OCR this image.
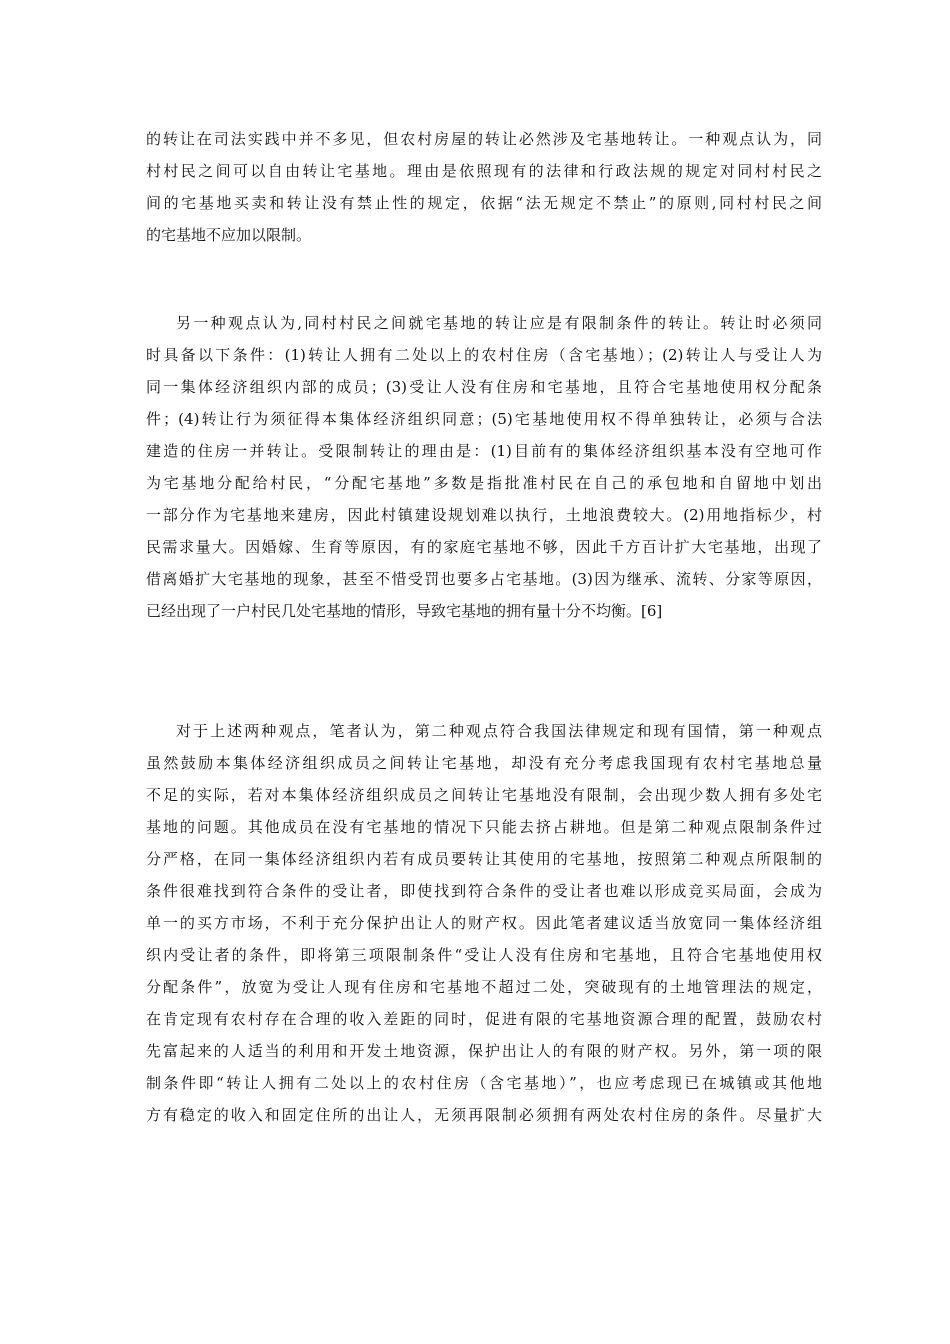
的转让在司法实践中并不多见，但农村房屋的转让必然涉及宅基地转让。一种观点认为，同
村村民之间可以自由转让宅基地。理由是依照现有的法律和行政法规的规定对同村村民之
间的宅基地买卖和转让没有禁止性的规定，依据“法无规定不禁止”的原则,同村村民之间
的宅基地不应加以限制。
另一种观点认为,同村村民之间就宅基地的转让应是有限制条件的转让。转让时必须同
时具备以下条件：(1)转让人拥有二处以上的农村住房（含宅基地）；(2)转让人与受让人为
同一集体经济组织内部的成员；(3)受让人没有住房和宅基地，且符合宅基地使用权分配条
件；(4)转让行为须征得本集体经济组织同意；(5)宅基地使用权不得单独转让，必须与合法
建造的住房一并转让。受限制转让的理由是：(1)目前有的集体经济组织基本没有空地可作
为宅基地分配给村民，“分配宅基地”多数是指批准村民在自己的承包地和自留地中划出
一部分作为宅基地来建房，因此村镇建设规划难以执行，土地浪费较大。(2)用地指标少，村
民需求量大。因婚嫁、生育等原因，有的家庭宅基地不够，因此千方百计扩大宅基地，出现了
借离婚扩大宅基地的现象，甚至不惜受罚也要多占宅基地。(3)因为继承、流转、分家等原因，
已经出现了一户村民几处宅基地的情形，导致宅基地的拥有量十分不均衡。[6]
对于上述两种观点，笔者认为，第二种观点符合我国法律规定和现有国情，第一种观点
虽然鼓励本集体经济组织成员之间转让宅基地，却没有充分考虑我国现有农村宅基地总量
不足的实际，若对本集体经济组织成员之间转让宅基地没有限制，会出现少数人拥有多处宅
基地的问题。其他成员在没有宅基地的情况下只能去挤占耕地。但是第二种观点限制条件过
分严格，在同一集体经济组织内若有成员要转让其使用的宅基地，按照第二种观点所限制的
条件很难找到符合条件的受让者，即使找到符合条件的受让者也难以形成竞买局面，会成为
单一的买方市场，不利于充分保护出让人的财产权。因此笔者建议适当放宽同一集体经济组
织内受让者的条件，即将第三项限制条件“受让人没有住房和宅基地，且符合宅基地使用权
分配条件”，放宽为受让人现有住房和宅基地不超过二处，突破现有的土地管理法的规定，
在肯定现有农村存在合理的收入差距的同时，促进有限的宅基地资源合理的配置，鼓励农村
先富起来的人适当的利用和开发土地资源，保护出让人的有限的财产权。另外，第一项的限
制条件即“转让人拥有二处以上的农村住房（含宅基地）”，也应考虑现已在城镇或其他地
方有稳定的收入和固定住所的出让人，无须再限制必须拥有两处农村住房的条件。尽量扩大
